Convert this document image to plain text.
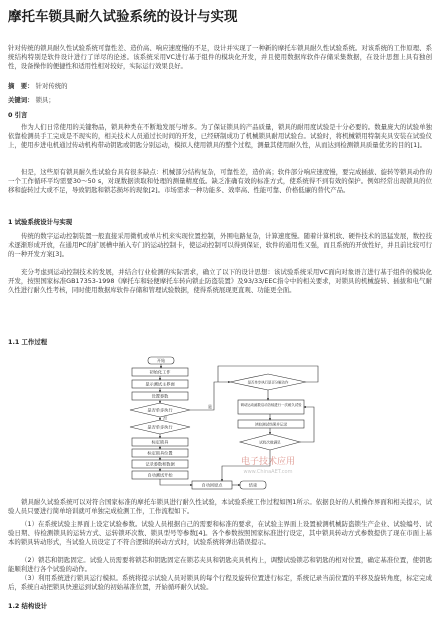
摩托车锁具耐久试验系统的设计与实现
针对传统的锁具耐久性试验系统可靠性差、造价高、响应速度慢的不足，设计并实现了一种新的摩托车锁具耐久性试验系统。对该系统的工作原理、系统结构特别是软件设计进行了详尽的论述。该系统采用VC进行基于组件的模块化开发，并且使用数据库软件存储采集数据，在设计思想上具有独创性，设备操作的便捷性和适用性相对较好，实际运行效果良好。
摘　要： 针对传统的
关键词： 锁具；
0 引言
作为人们日常使用的关键物品，锁具种类在不断地发展与增多。为了保证锁具的产品质量，锁具的耐用度试验是十分必要的。数量庞大的试验单独依靠检测员手工完成是不现实的，相关技术人员通过长时间的开发，已经研制成功了机械锁具耐用试验台。试验时，将机械锁用特制夹具安装在试验仪上，使用步进电机通过传动机构带动钥匙或钥匙分别运动，模拟人使用锁具的整个过程，测量其使用耐久性，从而达到检测锁具质量优劣的目的[1]。
但是，这些原有锁具耐久性试验台具有很多缺点：机械部分结构复杂，可靠性差，造价高；软件部分响应速度慢，要完成插拔、旋转等锁具动作的一个工作循环平均需要30～50 s，对现数据读取和处理的测量精度低。缺乏准确有效的标准方式，使系统得不到有效的保护。例如经常出现锁具的位移和旋转过大或不足，导致钥匙和锁芯损坏的现象[2]。市场需求一种功能多、效率高、性能可靠、价格低廉的替代产品。
1 试验系统设计与实现
传统的数字运动控制装置一般直接采用微机或单片机来实现位置控制，外围电路复杂，计算速度慢。随着计算机软、硬件技术的迅猛发展，数控技术逐渐形成开放，在通用PC的扩展槽中插入专门的运动控制卡，使运动控制可以得到保证，软件的通用性又强，而且系统的开放性好，并且前比较可行的一种开发方案[3]。
充分考虑到运动控制技术的发展，并结合行业检测的实际需求，确立了以下的设计思想：该试验系统采用VC面向对象语言进行基于组件的模块化开发，按照国家标准GB17353-1998《摩托车和轻便摩托车转向锁止防盗装置》及93/33/EEC指令中的相关要求，对锁具的机械旋转、插拔和电气耐久性进行耐久性考核，同时使用数据库软件存储和管理试验数据，使得系统展现更直观、功能更全面。
1.1 工作过程
开始
初始化工作
显示测试主界面
设置参数
是否单步执行
是否单步执行
标定锁具
标定锁具位置
记录参数和数据
自动测试开始
自动回原点	结束
是否单步执行是否分解动作
调动运动函数启动各轴进行一次耐久试验
读取测试结果并记录
试验次数满足
是
否
电子技术应用
www.ChinaAET.com
锁具耐久试验系统可以对符合国家标准的摩托车锁具进行耐久性试验，本试验系统工作过程如图1所示。依据良好的人机操作界面和相关提示，试验人员只要进行简单培训就可单独完成检测工作，工作流程如下。
（1）在系统试验主界面上设定试验参数。试验人员根据自己的需要和标准的要求，在试验主界面上设置被测机械防盗锁生产企业、试验编号、试验日期、待检测锁具的运转方式、运转锁环次数、锁具型号等参数[4]。各个参数按照国家标准进行设定，其中锁具转动方式参数提供了现在市面上基本的锁具转动形式，当试验人员设定了不符合逻辑的转动方式时，试验系统将弹出错误提示。
（2）锁芯和钥匙固定。试验人员需要将锁芯和钥匙固定在锁芯夹具和钥匙夹具机构上，调整试验锁芯和钥匙的相对位置，确定基准位置，使钥匙能顺利进行各个试验的动作。
（3）利用系统进行锁具运行模拟。系统将提示试验人员对锁具的每个行程及旋转位置进行标定，系统记录当前位置的平移及旋转角度，标定完成后，系统自动把锁具快速运到试验的初始基准位置，开始循环耐久试验。
1.2 结构设计
